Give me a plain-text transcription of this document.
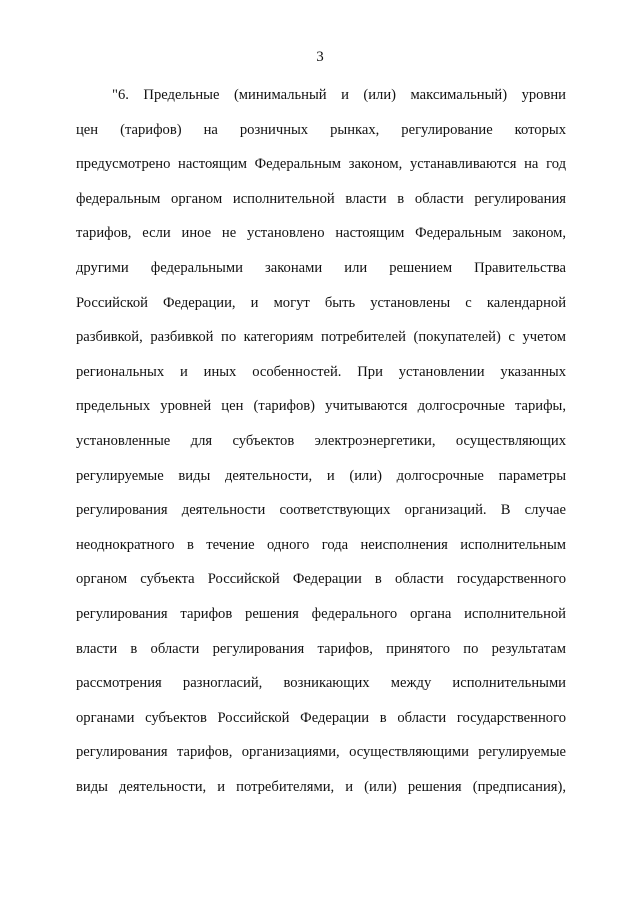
3
"6. Предельные (минимальный и (или) максимальный) уровни
цен (тарифов) на розничных рынках, регулирование которых
предусмотрено настоящим Федеральным законом, устанавливаются на год
федеральным органом исполнительной власти в области регулирования
тарифов, если иное не установлено настоящим Федеральным законом,
другими федеральными законами или решением Правительства
Российской Федерации, и могут быть установлены с календарной
разбивкой, разбивкой по категориям потребителей (покупателей) с учетом
региональных и иных особенностей. При установлении указанных
предельных уровней цен (тарифов) учитываются долгосрочные тарифы,
установленные для субъектов электроэнергетики, осуществляющих
регулируемые виды деятельности, и (или) долгосрочные параметры
регулирования деятельности соответствующих организаций. В случае
неоднократного в течение одного года неисполнения исполнительным
органом субъекта Российской Федерации в области государственного
регулирования тарифов решения федерального органа исполнительной
власти в области регулирования тарифов, принятого по результатам
рассмотрения разногласий, возникающих между исполнительными
органами субъектов Российской Федерации в области государственного
регулирования тарифов, организациями, осуществляющими регулируемые
виды деятельности, и потребителями, и (или) решения (предписания),
